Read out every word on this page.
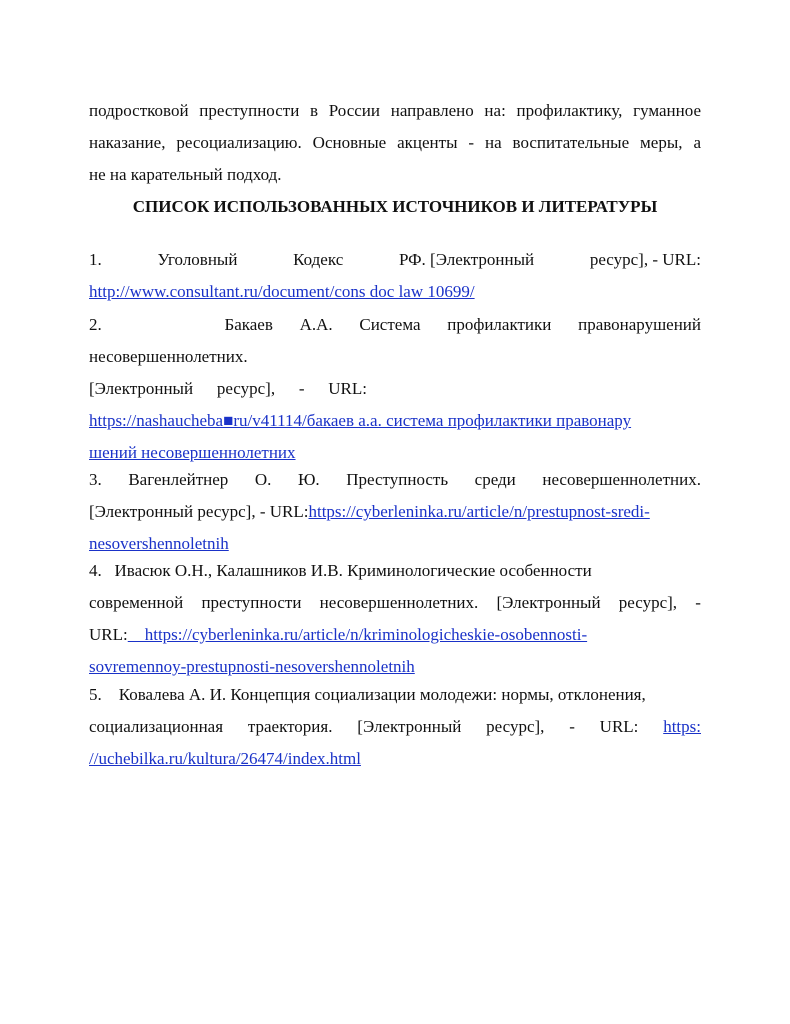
подростковой преступности в России направлено на: профилактику, гуманное
наказание, ресоциализацию. Основные акценты - на воспитательные меры, а
не на карательный подход.
СПИСОК ИСПОЛЬЗОВАННЫХ ИСТОЧНИКОВ И ЛИТЕРАТУРЫ
1.	Уголовный	Кодекс	РФ. [Электронный	ресурс], - URL:
http://www.consultant.ru/document/cons doc law 10699/
2.	Бакаев А.А. Система профилактики правонарушений
несовершеннолетних.
[Электронный ресурс], - URL:
https://nashaucheba■ru/v41114/бакаев а.а. система профилактики правонару
шений несовершеннолетних
3. Вагенлейтнер О. Ю. Преступность среди несовершеннолетних.
[Электронный ресурс], - URL: https://cyberleninka.ru/article/n/prestupnost-sredi-
nesovershennoletnih
4.   Ивасюк О.Н., Калашников И.В. Криминологические особенности
современной преступности несовершеннолетних. [Электронный ресурс], -
URL: https://cyberleninka.ru/article/n/kriminologicheskie-osobennosti-
sovremennoy-prestupnosti-nesovershennoletnih
5.    Ковалева А. И. Концепция социализации молодежи: нормы, отклонения,
социализационная траектория. [Электронный ресурс], - URL: https:
//uchebilka.ru/kultura/26474/index.html
